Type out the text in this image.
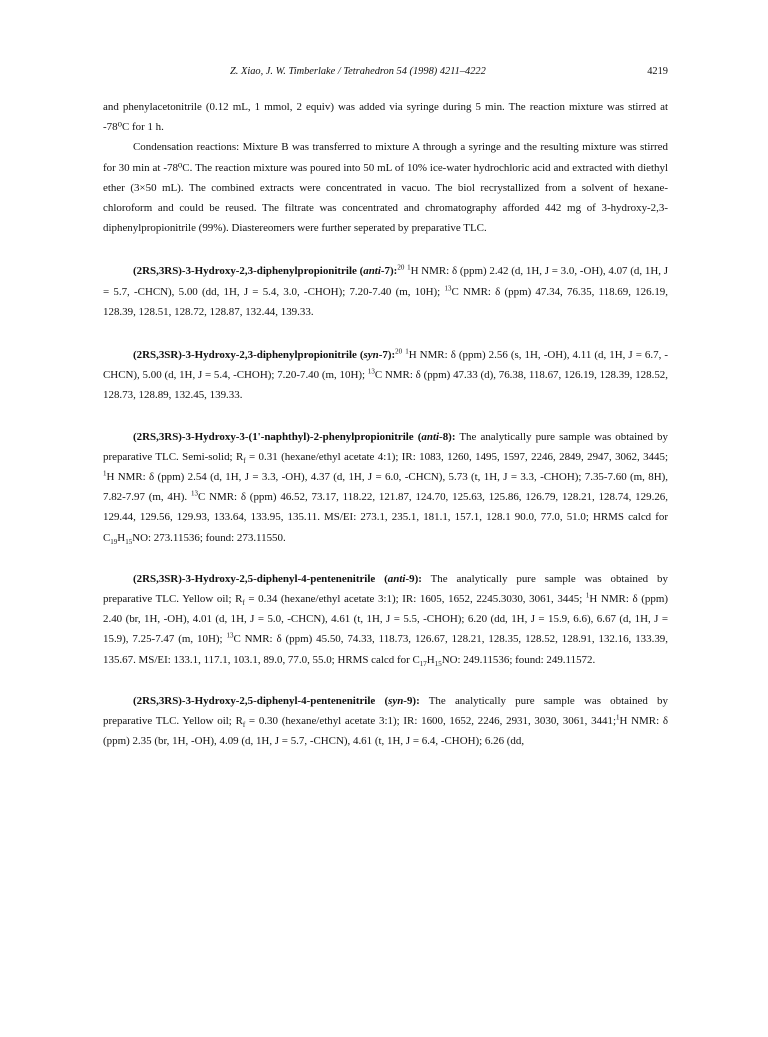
Z. Xiao, J. W. Timberlake / Tetrahedron 54 (1998) 4211–4222	4219

and phenylacetonitrile (0.12 mL, 1 mmol, 2 equiv) was added via syringe during 5 min. The reaction mixture was stirred at -78⁰C for 1 h.

Condensation reactions: Mixture B was transferred to mixture A through a syringe and the resulting mixture was stirred for 30 min at -78⁰C. The reaction mixture was poured into 50 mL of 10% ice-water hydrochloric acid and extracted with diethyl ether (3×50 mL). The combined extracts were concentrated in vacuo. The biol recrystallized from a solvent of hexane-chloroform and could be reused. The filtrate was concentrated and chromatography afforded 442 mg of 3-hydroxy-2,3-diphenylpropionitrile (99%). Diastereomers were further seperated by preparative TLC.

(2RS,3RS)-3-Hydroxy-2,3-diphenylpropionitrile (anti-7):$^{20}$ $^1$H NMR: δ (ppm) 2.42 (d, 1H, J = 3.0, -OH), 4.07 (d, 1H, J = 5.7, -CHCN), 5.00 (dd, 1H, J = 5.4, 3.0, -CHOH); 7.20-7.40 (m, 10H); $^{13}$C NMR: δ (ppm) 47.34, 76.35, 118.69, 126.19, 128.39, 128.51, 128.72, 128.87, 132.44, 139.33.

(2RS,3SR)-3-Hydroxy-2,3-diphenylpropionitrile (syn-7):$^{20}$ $^1$H NMR: δ (ppm) 2.56 (s, 1H, -OH), 4.11 (d, 1H, J = 6.7, -CHCN), 5.00 (d, 1H, J = 5.4, -CHOH); 7.20-7.40 (m, 10H); $^{13}$C NMR: δ (ppm) 47.33 (d), 76.38, 118.67, 126.19, 128.39, 128.52, 128.73, 128.89, 132.45, 139.33.

(2RS,3RS)-3-Hydroxy-3-(1'-naphthyl)-2-phenylpropionitrile (anti-8): The analytically pure sample was obtained by preparative TLC. Semi-solid; $R_f = 0.31$ (hexane/ethyl acetate 4:1); IR: 1083, 1260, 1495, 1597, 2246, 2849, 2947, 3062, 3445; $^1$H NMR: δ (ppm) 2.54 (d, 1H, J = 3.3, -OH), 4.37 (d, 1H, J = 6.0, -CHCN), 5.73 (t, 1H, J = 3.3, -CHOH); 7.35-7.60 (m, 8H), 7.82-7.97 (m, 4H). $^{13}$C NMR: δ (ppm) 46.52, 73.17, 118.22, 121.87, 124.70, 125.63, 125.86, 126.79, 128.21, 128.74, 129.26, 129.44, 129.56, 129.93, 133.64, 133.95, 135.11. MS/EI: 273.1, 235.1, 181.1, 157.1, 128.1 90.0, 77.0, 51.0; HRMS calcd for $C_{19}H_{15}NO$: 273.11536; found: 273.11550.

(2RS,3SR)-3-Hydroxy-2,5-diphenyl-4-pentenenitrile (anti-9): The analytically pure sample was obtained by preparative TLC. Yellow oil; $R_f = 0.34$ (hexane/ethyl acetate 3:1); IR: 1605, 1652, 2245.3030, 3061, 3445; $^1$H NMR: δ (ppm) 2.40 (br, 1H, -OH), 4.01 (d, 1H, J = 5.0, -CHCN), 4.61 (t, 1H, J = 5.5, -CHOH); 6.20 (dd, 1H, J = 15.9, 6.6), 6.67 (d, 1H, J = 15.9), 7.25-7.47 (m, 10H); $^{13}$C NMR: δ (ppm) 45.50, 74.33, 118.73, 126.67, 128.21, 128.35, 128.52, 128.91, 132.16, 133.39, 135.67. MS/EI: 133.1, 117.1, 103.1, 89.0, 77.0, 55.0; HRMS calcd for $C_{17}H_{15}NO$: 249.11536; found: 249.11572.

(2RS,3RS)-3-Hydroxy-2,5-diphenyl-4-pentenenitrile (syn-9): The analytically pure sample was obtained by preparative TLC. Yellow oil; $R_f = 0.30$ (hexane/ethyl acetate 3:1); IR: 1600, 1652, 2246, 2931, 3030, 3061, 3441;$^1$H NMR: δ (ppm) 2.35 (br, 1H, -OH), 4.09 (d, 1H, J = 5.7, -CHCN), 4.61 (t, 1H, J = 6.4, -CHOH); 6.26 (dd,
